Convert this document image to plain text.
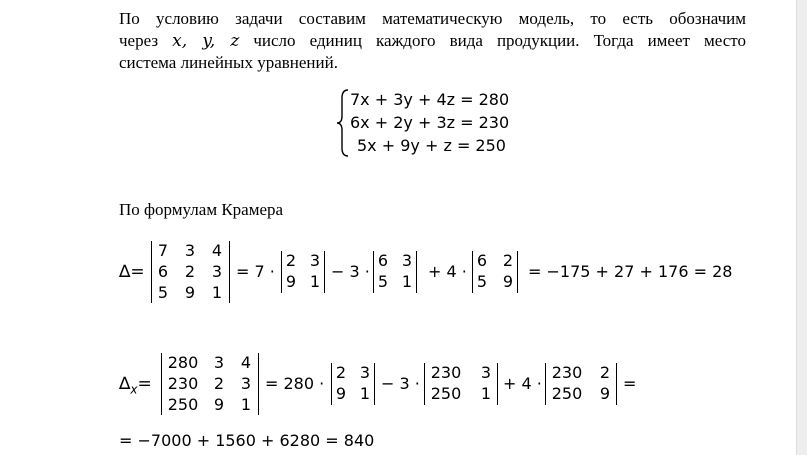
По условию задачи составим математическую модель, то есть обозначим
через x, y, z число единиц каждого вида продукции. Тогда имеет место
система линейных уравнений.
7x + 3y + 4z = 280
6x + 2y + 3z = 230
5x + 9y + z = 250
По формулам Крамера
∆=
7 3 4
6 2 3
5 9 1
= 7 ·
2 3
9 1
− 3 ·
6 3
5 1
+ 4 ·
6 2
5 9
= −175 + 27 + 176 = 28
$\Delta_x=$
280 3 4
230 2 3
250 9 1
= 280 ·
2 3
9 1
− 3 ·
230 3
250 1
+ 4 ·
230 2
250 9
=
= −7000 + 1560 + 6280 = 840
